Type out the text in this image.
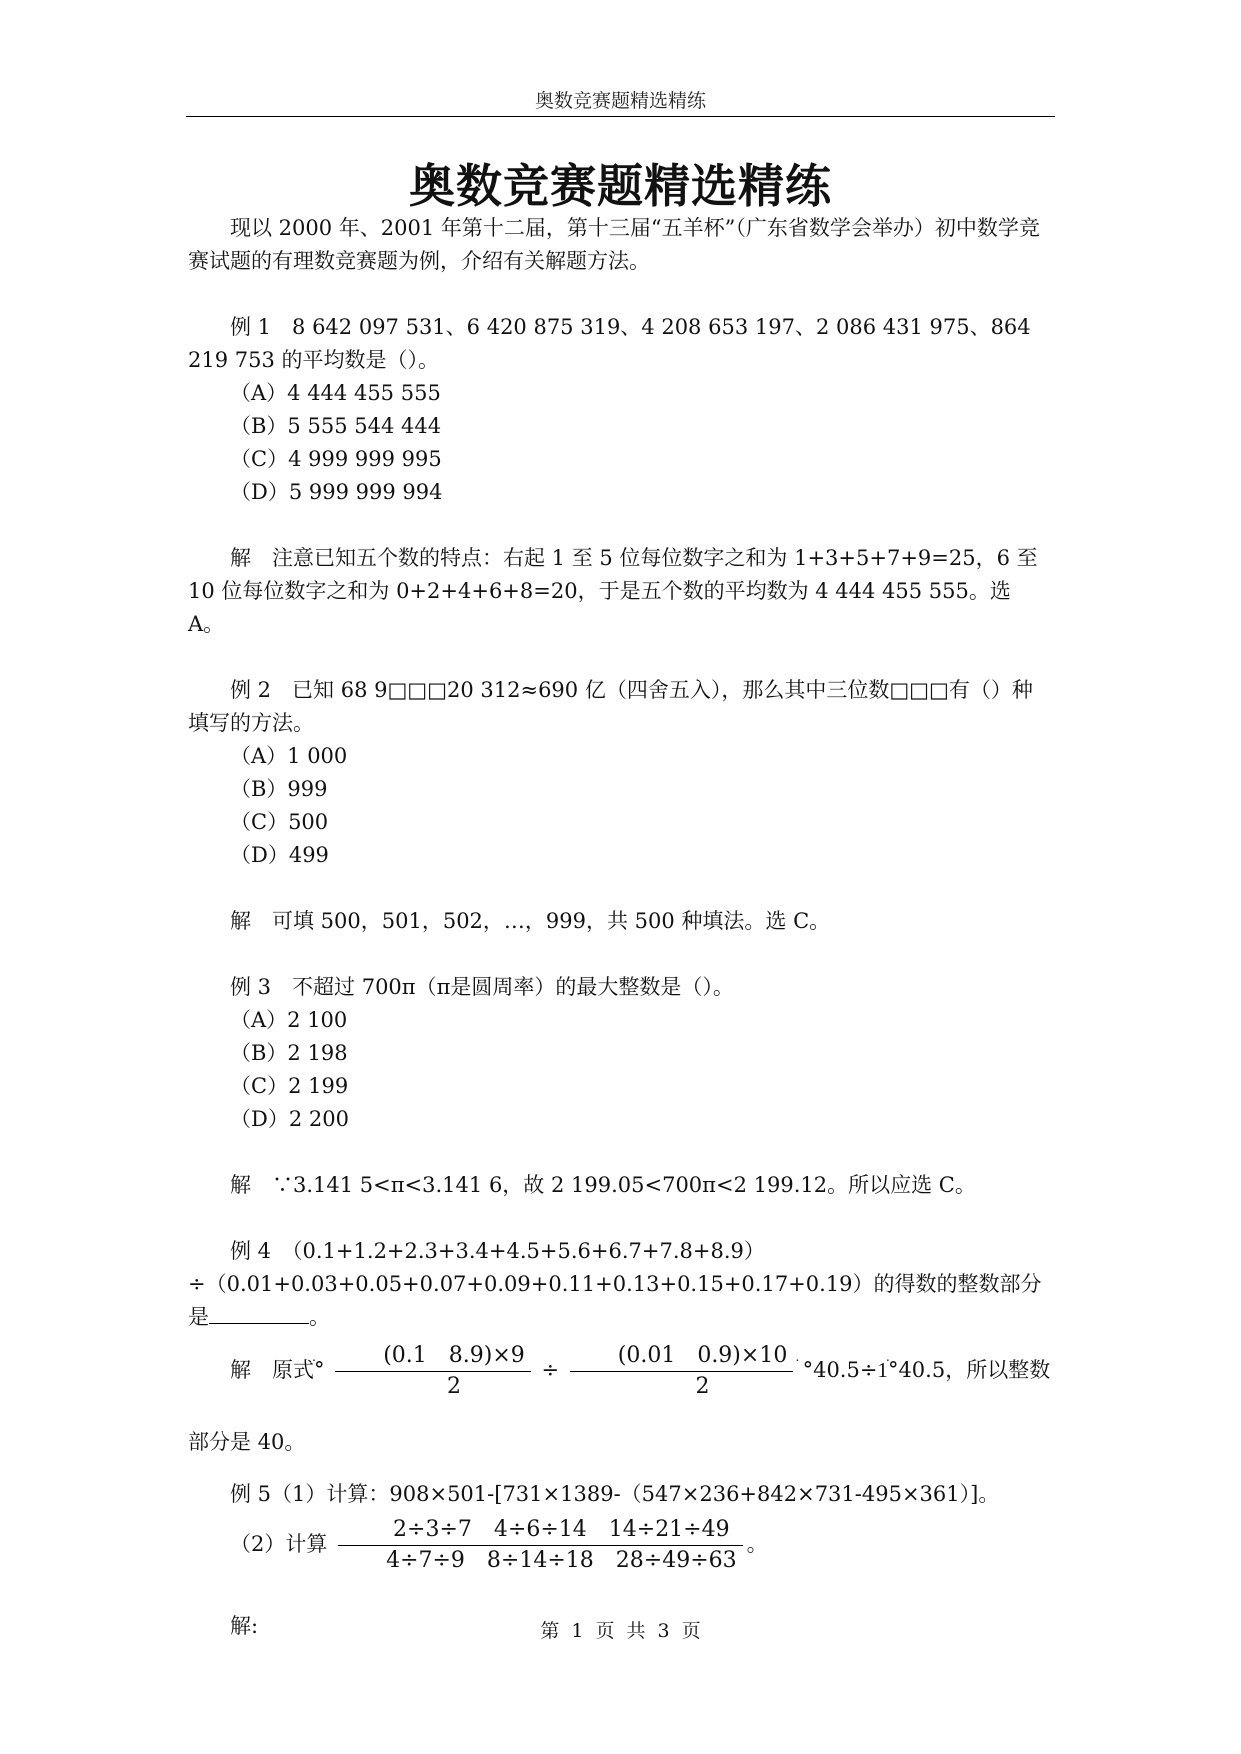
奥数竞赛题精选精练
奥数竞赛题精选精练

现以 2000 年、2001 年第十二届，第十三届“五羊杯”（广东省数学会举办）初中数学竞赛试题的有理数竞赛题为例，介绍有关解题方法。

例 1　8 642 097 531、6 420 875 319、4 208 653 197、2 086 431 975、864 219 753 的平均数是（）。

（A）4 444 455 555

（B）5 555 544 444

（C）4 999 999 995

（D）5 999 999 994

解　注意已知五个数的特点：右起 1 至 5 位每位数字之和为 1+3+5+7+9=25，6 至 10 位每位数字之和为 0+2+4+6+8=20，于是五个数的平均数为 4 444 455 555。选 A。

例 2　已知 68 9□□□20 312≈690 亿（四舍五入），那么其中三位数□□□有（）种填写的方法。

（A）1 000

（B）999

（C）500

（D）499

解　可填 500，501，502，…，999，共 500 种填法。选 C。

例 3　不超过 700π（π是圆周率）的最大整数是（）。

（A）2 100

（B）2 198

（C）2 199

（D）2 200

解　∵3.141 5<π<3.141 6，故 2 199.05<700π<2 199.12。所以应选 C。

例 4　（0.1+1.2+2.3+3.4+4.5+5.6+6.7+7.8+8.9）

÷（0.01+0.03+0.05+0.07+0.09+0.11+0.13+0.15+0.17+0.19）的得数的整数部分是	。

解　原式ׄ° $\frac{(0.1 8.9)\times 9}{2} \div \frac{(0.01 0.9)\times 10}{2}$ ׄ°40.5÷1ׄ°40.5，所以整数部分是 40。

例 5（1）计算：908×501-[731×1389-（547×236+842×731-495×361）]。

（2）计算 $\frac{2\div 3\div 7 4\div 6\div 14 14\div 21\div 49}{4\div 7\div 9 8\div 14\div 18 28\div 49\div 63}$ 。

解:	第 1 页 共 3 页
